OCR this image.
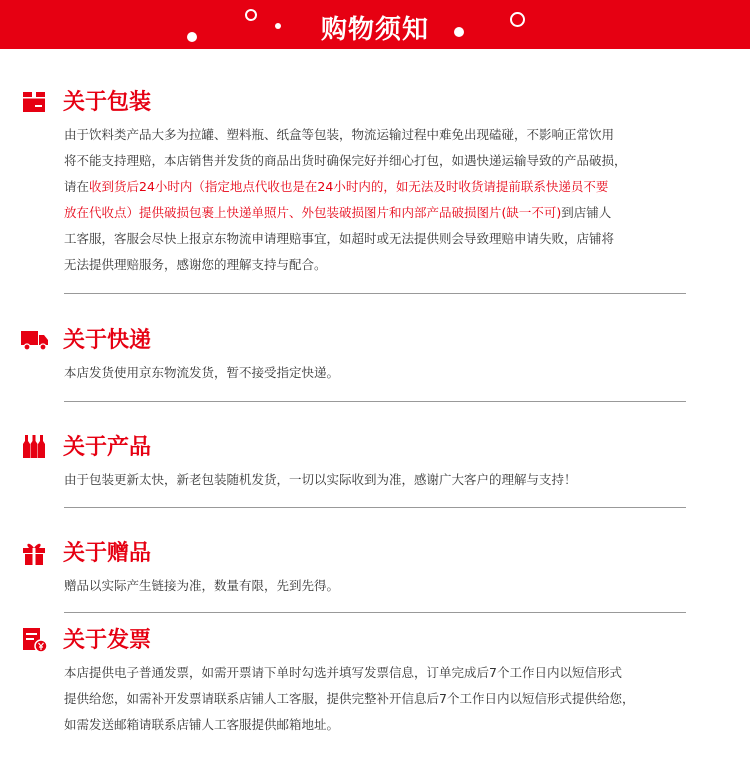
购物须知
关于包装

由于饮料类产品大多为拉罐、塑料瓶、纸盒等包装，物流运输过程中难免出现磕碰，不影响正常饮用

将不能支持理赔，本店销售并发货的商品出货时确保完好并细心打包，如遇快递运输导致的产品破损，

请在收到货后24小时内（指定地点代收也是在24小时内的，如无法及时收货请提前联系快递员不要

放在代收点）提供破损包裹上快递单照片、外包装破损图片和内部产品破损图片(缺一不可)到店铺人

工客服，客服会尽快上报京东物流申请理赔事宜，如超时或无法提供则会导致理赔申请失败，店铺将

无法提供理赔服务，感谢您的理解支持与配合。

关于快递

本店发货使用京东物流发货，暂不接受指定快递。

关于产品

由于包装更新太快，新老包装随机发货，一切以实际收到为准，感谢广大客户的理解与支持！

关于赠品

赠品以实际产生链接为准，数量有限，先到先得。

关于发票

本店提供电子普通发票，如需开票请下单时勾选并填写发票信息，订单完成后7个工作日内以短信形式

提供给您，如需补开发票请联系店铺人工客服，提供完整补开信息后7个工作日内以短信形式提供给您，

如需发送邮箱请联系店铺人工客服提供邮箱地址。
